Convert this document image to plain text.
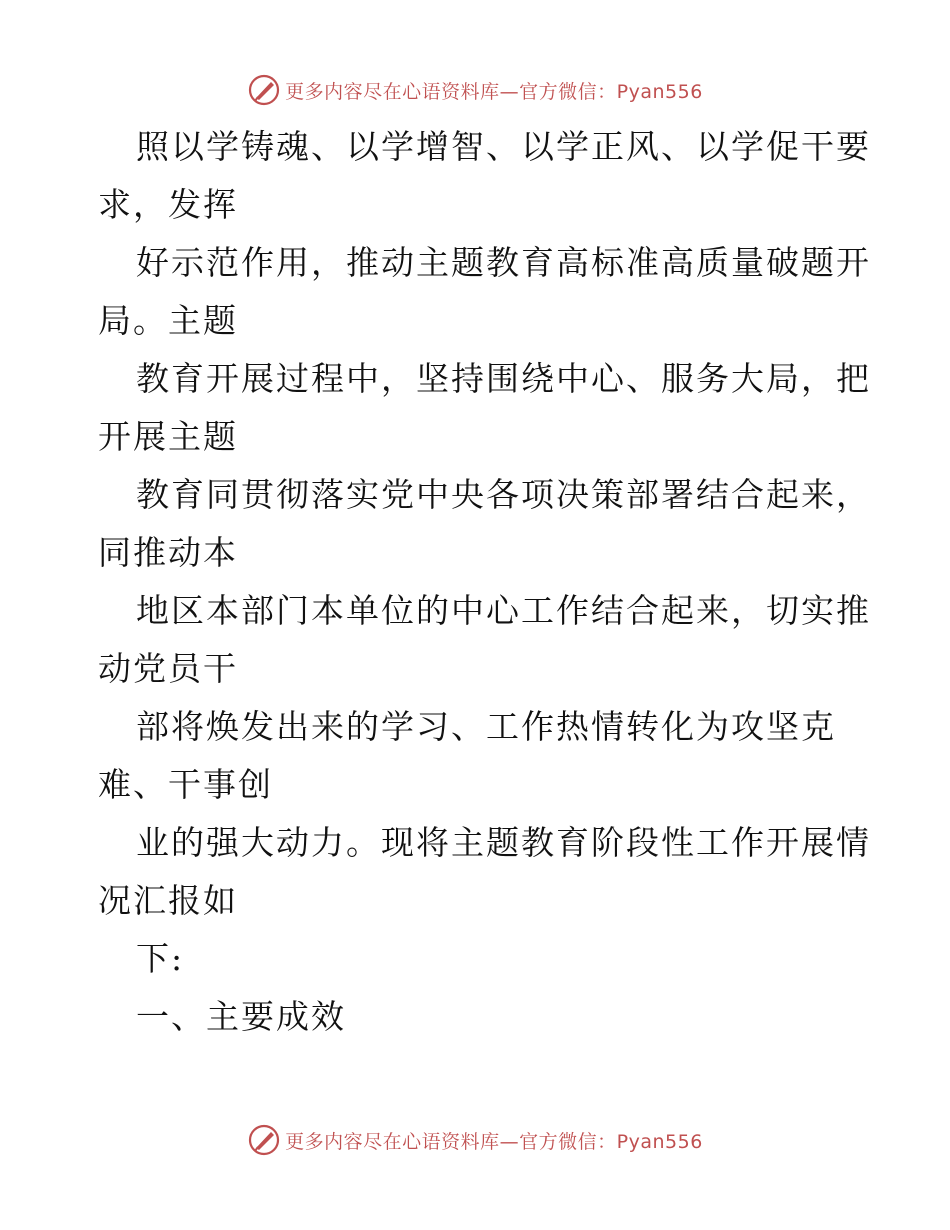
更多内容尽在心语资料库—官方微信：Pyan556
照以学铸魂、以学增智、以学正风、以学促干要
求，发挥
好示范作用，推动主题教育高标准高质量破题开
局。主题
教育开展过程中，坚持围绕中心、服务大局，把
开展主题
教育同贯彻落实党中央各项决策部署结合起来，
同推动本
地区本部门本单位的中心工作结合起来，切实推
动党员干
部将焕发出来的学习、工作热情转化为攻坚克
难、干事创
业的强大动力。现将主题教育阶段性工作开展情
况汇报如
下:
一、主要成效
更多内容尽在心语资料库—官方微信：Pyan556
